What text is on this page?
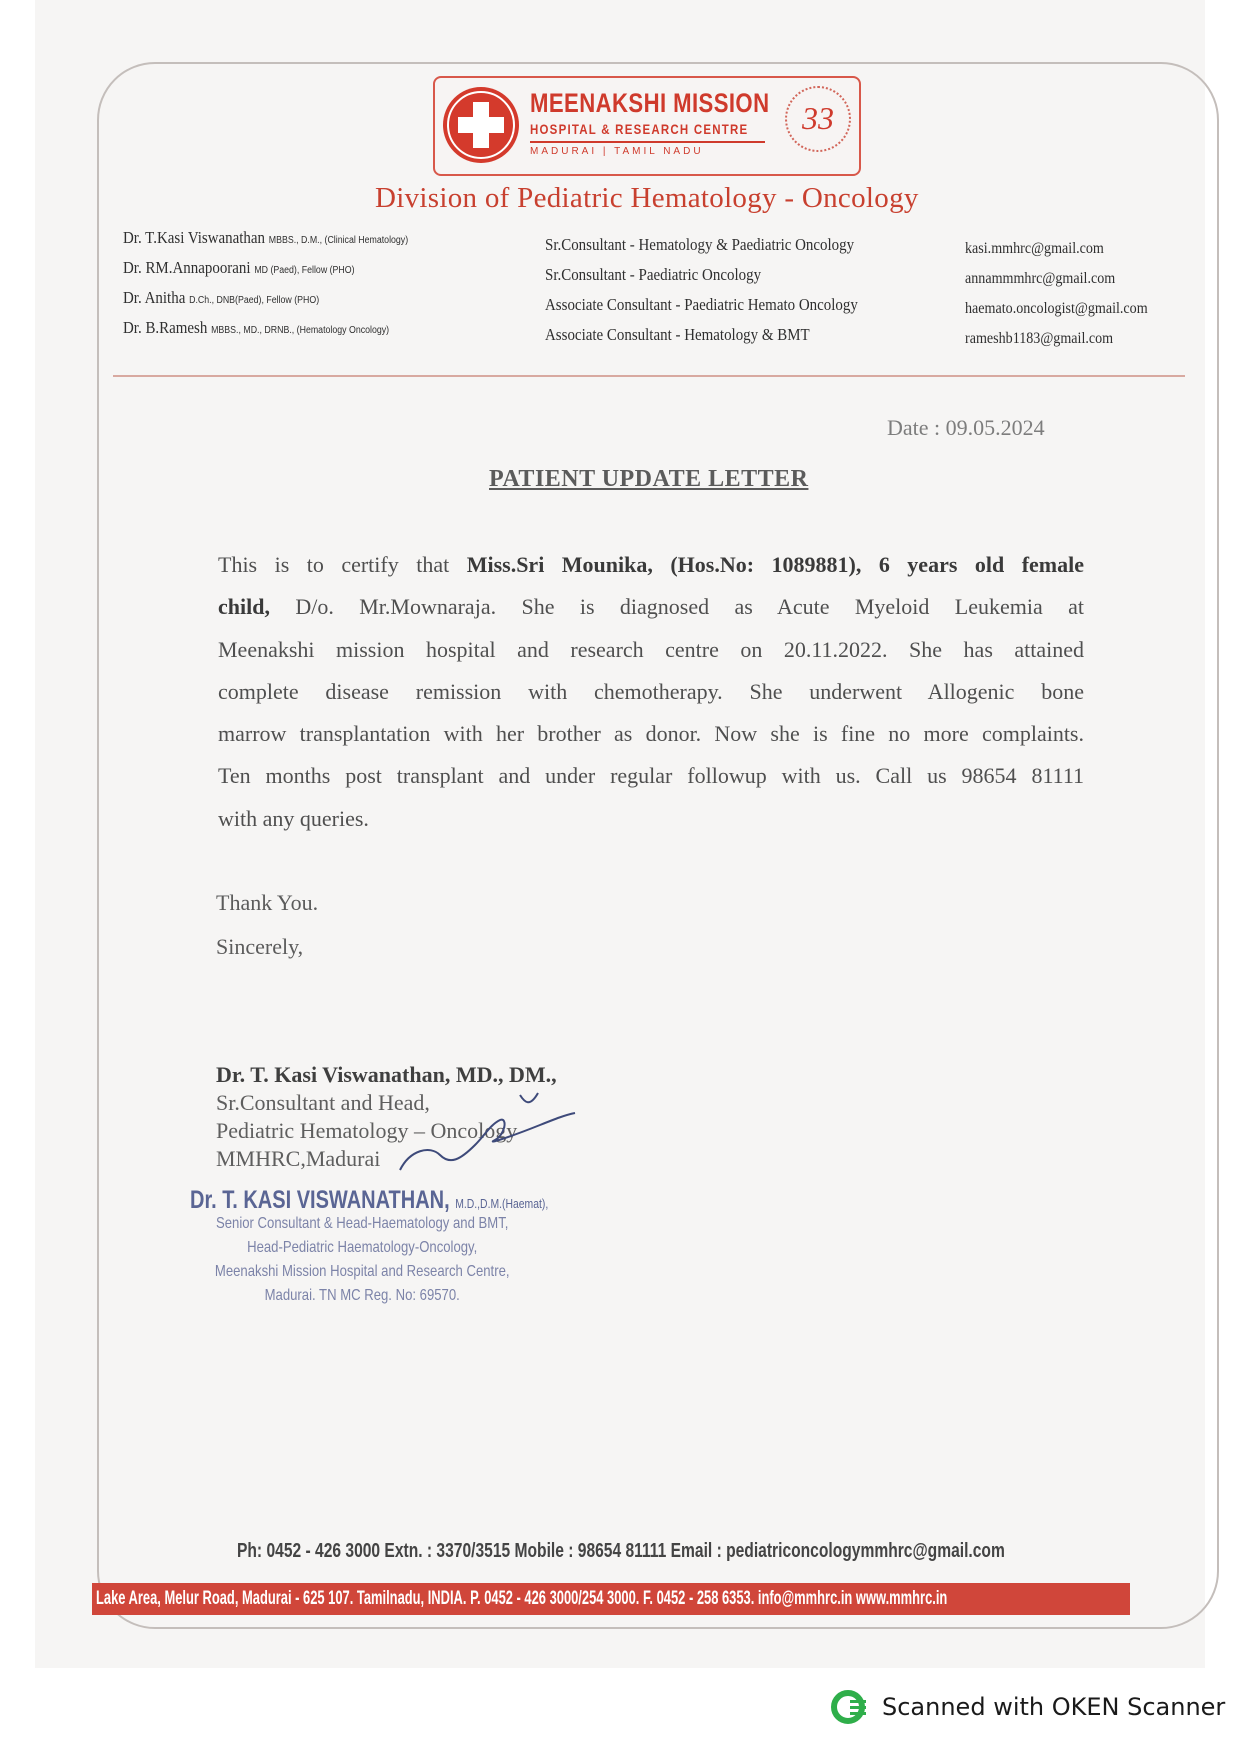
MEENAKSHI MISSION
HOSPITAL & RESEARCH CENTRE
MADURAI | TAMIL NADU
33
Division of Pediatric Hematology - Oncology
Dr. T.Kasi Viswanathan MBBS., D.M., (Clinical Hematology)
Dr. RM.Annapoorani MD (Paed), Fellow (PHO)
Dr. Anitha D.Ch., DNB(Paed), Fellow (PHO)
Dr. B.Ramesh MBBS., MD., DRNB., (Hematology Oncology)
Sr.Consultant - Hematology & Paediatric Oncology
Sr.Consultant - Paediatric Oncology
Associate Consultant - Paediatric Hemato Oncology
Associate Consultant - Hematology & BMT
kasi.mmhrc@gmail.com
annammmhrc@gmail.com
haemato.oncologist@gmail.com
rameshb1183@gmail.com
Date : 09.05.2024
PATIENT UPDATE LETTER
This is to certify that Miss.Sri Mounika, (Hos.No: 1089881), 6 years old female
child, D/o. Mr.Mownaraja. She is diagnosed as Acute Myeloid Leukemia at
Meenakshi mission hospital and research centre on 20.11.2022. She has attained
complete disease remission with chemotherapy. She underwent Allogenic bone
marrow transplantation with her brother as donor. Now she is fine no more complaints.
Ten months post transplant and under regular followup with us. Call us 98654 81111
with any queries.
Thank You.
Sincerely,
Dr. T. Kasi Viswanathan, MD., DM.,
Sr.Consultant and Head,
Pediatric Hematology – Oncology
MMHRC,Madurai
Dr. T. KASI VISWANATHAN, M.D.,D.M.(Haemat),
Senior Consultant & Head-Haematology and BMT,
Head-Pediatric Haematology-Oncology,
Meenakshi Mission Hospital and Research Centre,
Madurai. TN MC Reg. No: 69570.
Ph: 0452 - 426 3000 Extn. : 3370/3515 Mobile : 98654 81111 Email : pediatriconcologymmhrc@gmail.com
Lake Area, Melur Road, Madurai - 625 107. Tamilnadu, INDIA. P. 0452 - 426 3000/254 3000. F. 0452 - 258 6353. info@mmhrc.in www.mmhrc.in
Scanned with OKEN Scanner
